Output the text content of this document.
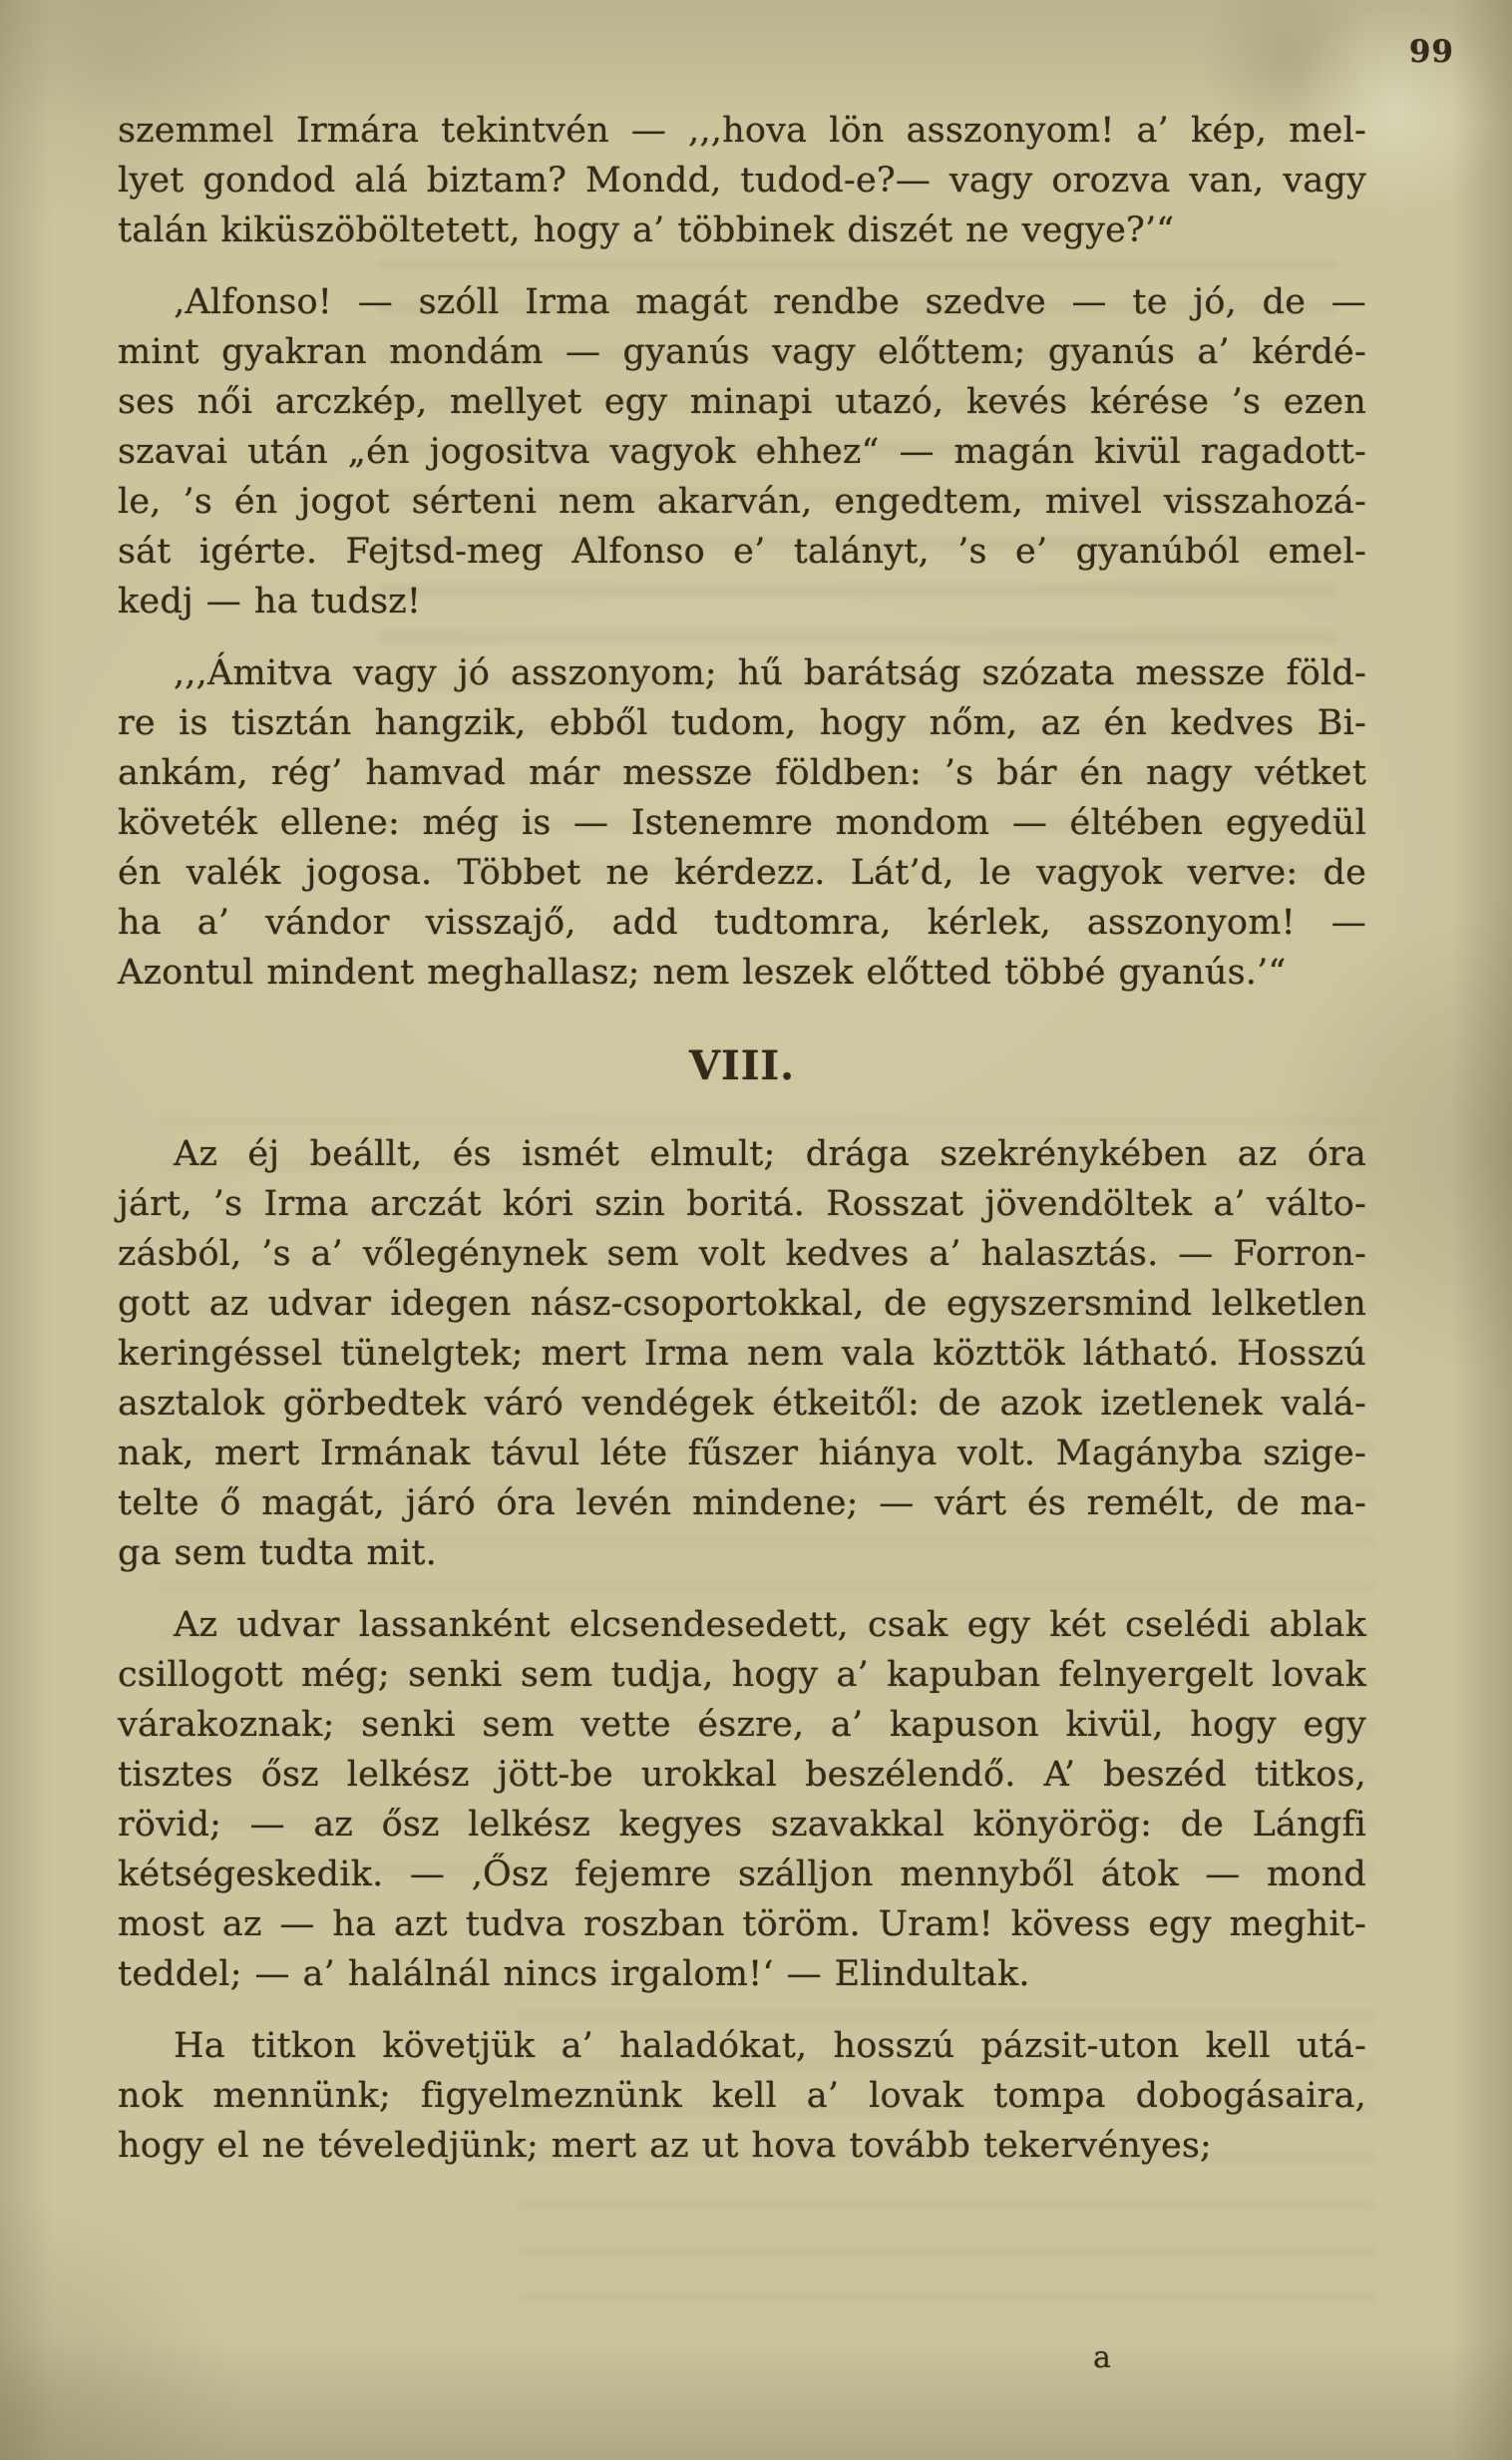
99
szemmel Irmára tekintvén — ,,,hova lön asszonyom! a’ kép, mel-
lyet gondod alá biztam? Mondd, tudod-e?— vagy orozva van, vagy
talán kiküszöböltetett, hogy a’ többinek diszét ne vegye?’“
‚Alfonso! — szóll Irma magát rendbe szedve — te jó, de —
mint gyakran mondám — gyanús vagy előttem; gyanús a’ kérdé-
ses női arczkép, mellyet egy minapi utazó, kevés kérése ’s ezen
szavai után „én jogositva vagyok ehhez“ — magán kivül ragadott-
le, ’s én jogot sérteni nem akarván, engedtem, mivel visszahozá-
sát igérte. Fejtsd-meg Alfonso e’ talányt, ’s e’ gyanúból emel-
kedj — ha tudsz!
,,,Ámitva vagy jó asszonyom; hű barátság szózata messze föld-
re is tisztán hangzik, ebből tudom, hogy nőm, az én kedves Bi-
ankám, rég’ hamvad már messze földben: ’s bár én nagy vétket
követék ellene: még is — Istenemre mondom — éltében egyedül
én valék jogosa. Többet ne kérdezz. Lát’d, le vagyok verve: de
ha a’ vándor visszajő, add tudtomra, kérlek, asszonyom! —
Azontul mindent meghallasz; nem leszek előtted többé gyanús.’“
VIII.
Az éj beállt, és ismét elmult; drága szekrénykében az óra
járt, ’s Irma arczát kóri szin boritá. Rosszat jövendöltek a’ válto-
zásból, ’s a’ vőlegénynek sem volt kedves a’ halasztás. — Forron-
gott az udvar idegen nász-csoportokkal, de egyszersmind lelketlen
keringéssel tünelgtek; mert Irma nem vala közttök látható. Hosszú
asztalok görbedtek váró vendégek étkeitől: de azok izetlenek valá-
nak, mert Irmának távul léte fűszer hiánya volt. Magányba szige-
telte ő magát, járó óra levén mindene; — várt és remélt, de ma-
ga sem tudta mit.
Az udvar lassanként elcsendesedett, csak egy két cselédi ablak
csillogott még; senki sem tudja, hogy a’ kapuban felnyergelt lovak
várakoznak; senki sem vette észre, a’ kapuson kivül, hogy egy
tisztes ősz lelkész jött-be urokkal beszélendő. A’ beszéd titkos,
rövid; — az ősz lelkész kegyes szavakkal könyörög: de Lángfi
kétségeskedik. — ‚Ősz fejemre szálljon mennyből átok — mond
most az — ha azt tudva roszban töröm. Uram! kövess egy meghit-
teddel; — a’ halálnál nincs irgalom!‘ — Elindultak.
Ha titkon követjük a’ haladókat, hosszú pázsit-uton kell utá-
nok mennünk; figyelmeznünk kell a’ lovak tompa dobogásaira,
hogy el ne téveledjünk; mert az ut hova tovább tekervényes;
a
